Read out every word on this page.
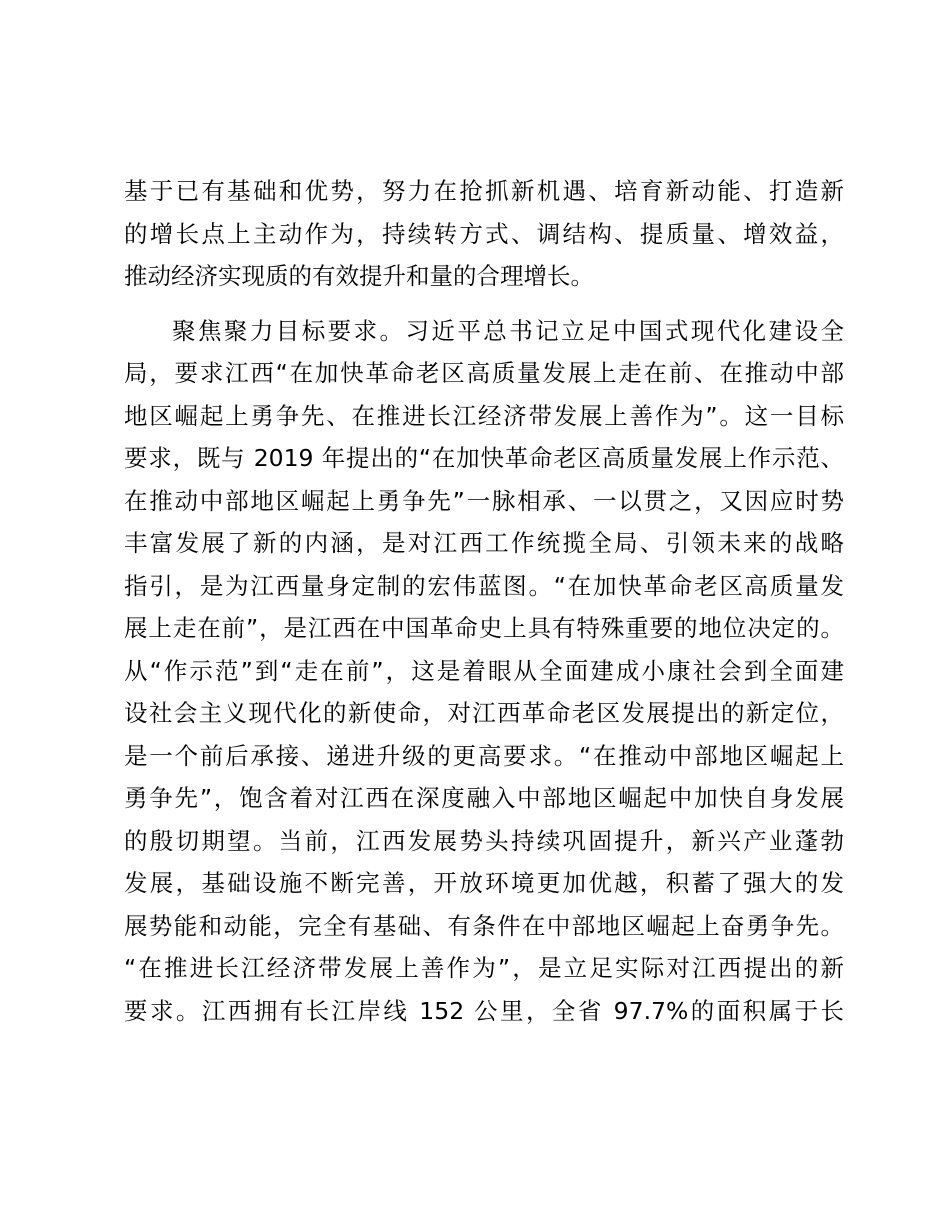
基于已有基础和优势，努力在抢抓新机遇、培育新动能、打造新
的增长点上主动作为，持续转方式、调结构、提质量、增效益，
推动经济实现质的有效提升和量的合理增长。
聚焦聚力目标要求。习近平总书记立足中国式现代化建设全
局，要求江西“在加快革命老区高质量发展上走在前、在推动中部
地区崛起上勇争先、在推进长江经济带发展上善作为”。这一目标
要求，既与 2019 年提出的“在加快革命老区高质量发展上作示范、
在推动中部地区崛起上勇争先”一脉相承、一以贯之，又因应时势
丰富发展了新的内涵，是对江西工作统揽全局、引领未来的战略
指引，是为江西量身定制的宏伟蓝图。“在加快革命老区高质量发
展上走在前”，是江西在中国革命史上具有特殊重要的地位决定的。
从“作示范”到“走在前”，这是着眼从全面建成小康社会到全面建
设社会主义现代化的新使命，对江西革命老区发展提出的新定位，
是一个前后承接、递进升级的更高要求。“在推动中部地区崛起上
勇争先”，饱含着对江西在深度融入中部地区崛起中加快自身发展
的殷切期望。当前，江西发展势头持续巩固提升，新兴产业蓬勃
发展，基础设施不断完善，开放环境更加优越，积蓄了强大的发
展势能和动能，完全有基础、有条件在中部地区崛起上奋勇争先。
“在推进长江经济带发展上善作为”，是立足实际对江西提出的新
要求。江西拥有长江岸线 152 公里，全省 97.7%的面积属于长
